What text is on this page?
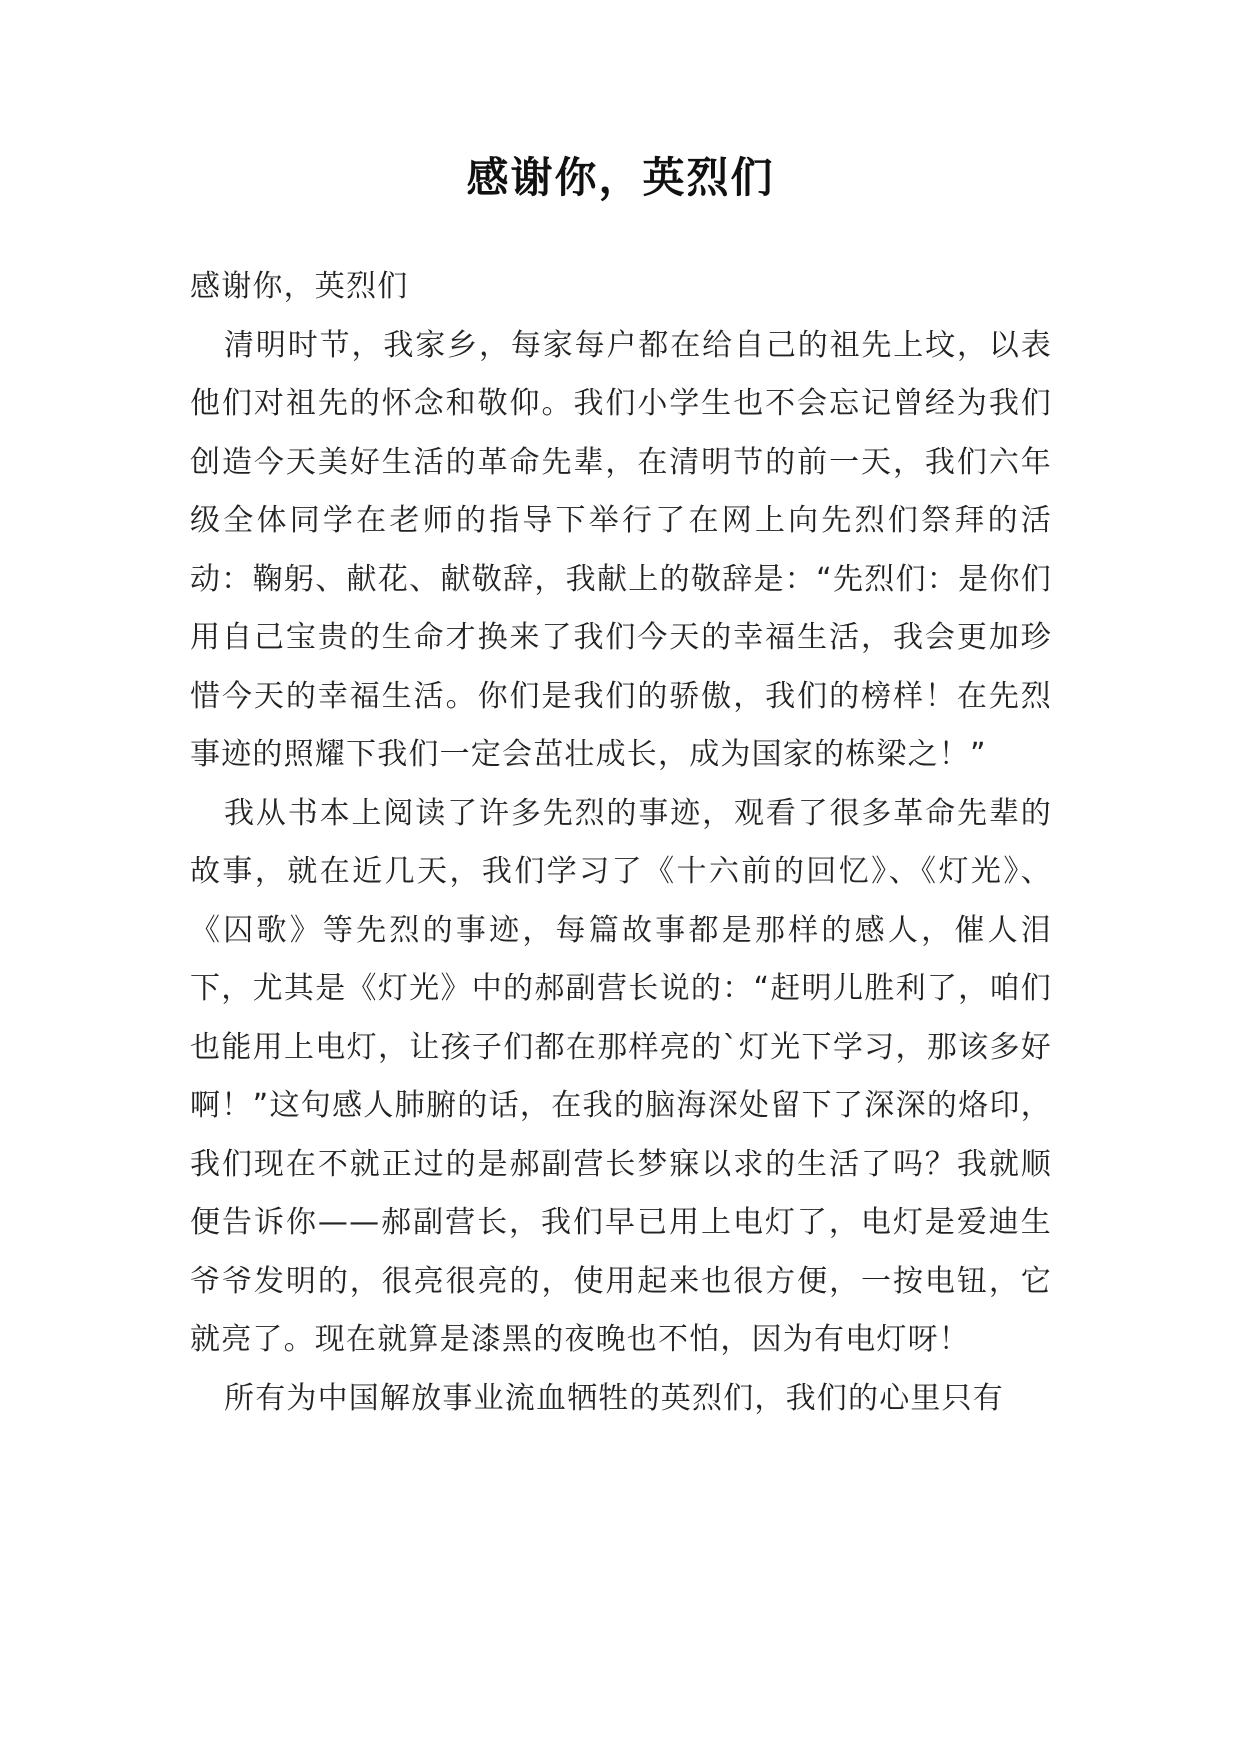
感谢你，英烈们

感谢你，英烈们

清明时节，我家乡，每家每户都在给自己的祖先上坟，以表他们对祖先的怀念和敬仰。我们小学生也不会忘记曾经为我们创造今天美好生活的革命先辈，在清明节的前一天，我们六年级全体同学在老师的指导下举行了在网上向先烈们祭拜的活动：鞠躬、献花、献敬辞，我献上的敬辞是：“先烈们：是你们用自己宝贵的生命才换来了我们今天的幸福生活，我会更加珍惜今天的幸福生活。你们是我们的骄傲，我们的榜样！在先烈事迹的照耀下我们一定会茁壮成长，成为国家的栋梁之！”

我从书本上阅读了许多先烈的事迹，观看了很多革命先辈的故事，就在近几天，我们学习了《十六前的回忆》、《灯光》、《囚歌》等先烈的事迹，每篇故事都是那样的感人，催人泪下，尤其是《灯光》中的郝副营长说的：“赶明儿胜利了，咱们也能用上电灯，让孩子们都在那样亮的`灯光下学习，那该多好啊！”这句感人肺腑的话，在我的脑海深处留下了深深的烙印，我们现在不就正过的是郝副营长梦寐以求的生活了吗？我就顺便告诉你——郝副营长，我们早已用上电灯了，电灯是爱迪生爷爷发明的，很亮很亮的，使用起来也很方便，一按电钮，它就亮了。现在就算是漆黑的夜晚也不怕，因为有电灯呀！

所有为中国解放事业流血牺牲的英烈们，我们的心里只有
